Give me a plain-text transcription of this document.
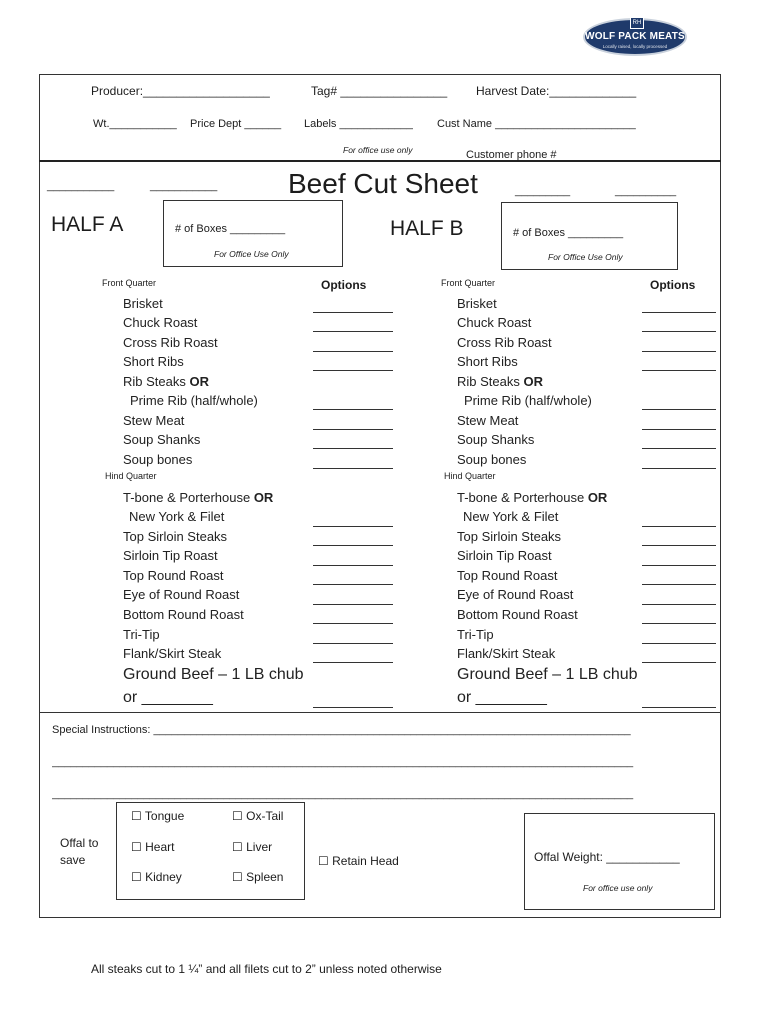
RH
WOLF PACK MEATS
Locally raised, locally processed
Producer:___________________	Tag# ________________ Harvest Date:_____________
Wt.___________ Price Dept ______ Labels ____________ Cust Name _______________________
For office use only	Customer phone #
___________	___________	Beef Cut Sheet	_________	__________
HALF A	# of Boxes _________
For Office Use Only
HALF B	# of Boxes _________
For Office Use Only
Front Quarter	Options
Brisket
Chuck Roast
Cross Rib Roast
Short Ribs
Rib Steaks OR
Prime Rib (half/whole)
Stew Meat
Soup Shanks
Soup bones
Hind Quarter
T-bone & Porterhouse OR
New York & Filet
Top Sirloin Steaks
Sirloin Tip Roast
Top Round Roast
Eye of Round Roast
Bottom Round Roast
Tri-Tip
Flank/Skirt Steak
Ground Beef – 1 LB chub
or ________
Front Quarter	Options
Brisket
Chuck Roast
Cross Rib Roast
Short Ribs
Rib Steaks OR
Prime Rib (half/whole)
Stew Meat
Soup Shanks
Soup bones
Hind Quarter
T-bone & Porterhouse OR
New York & Filet
Top Sirloin Steaks
Sirloin Tip Roast
Top Round Roast
Eye of Round Roast
Bottom Round Roast
Tri-Tip
Flank/Skirt Steak
Ground Beef – 1 LB chub
or ________
Special Instructions: ______________________________________________________________________________
_______________________________________________________________________________________________
_______________________________________________________________________________________________
Offal to
save
☐ Tongue	☐ Ox-Tail
☐ Heart	☐ Liver
☐ Kidney	☐ Spleen
☐ Retain Head	Offal Weight: ___________
For office use only
All steaks cut to 1 ¼” and all filets cut to 2” unless noted otherwise
